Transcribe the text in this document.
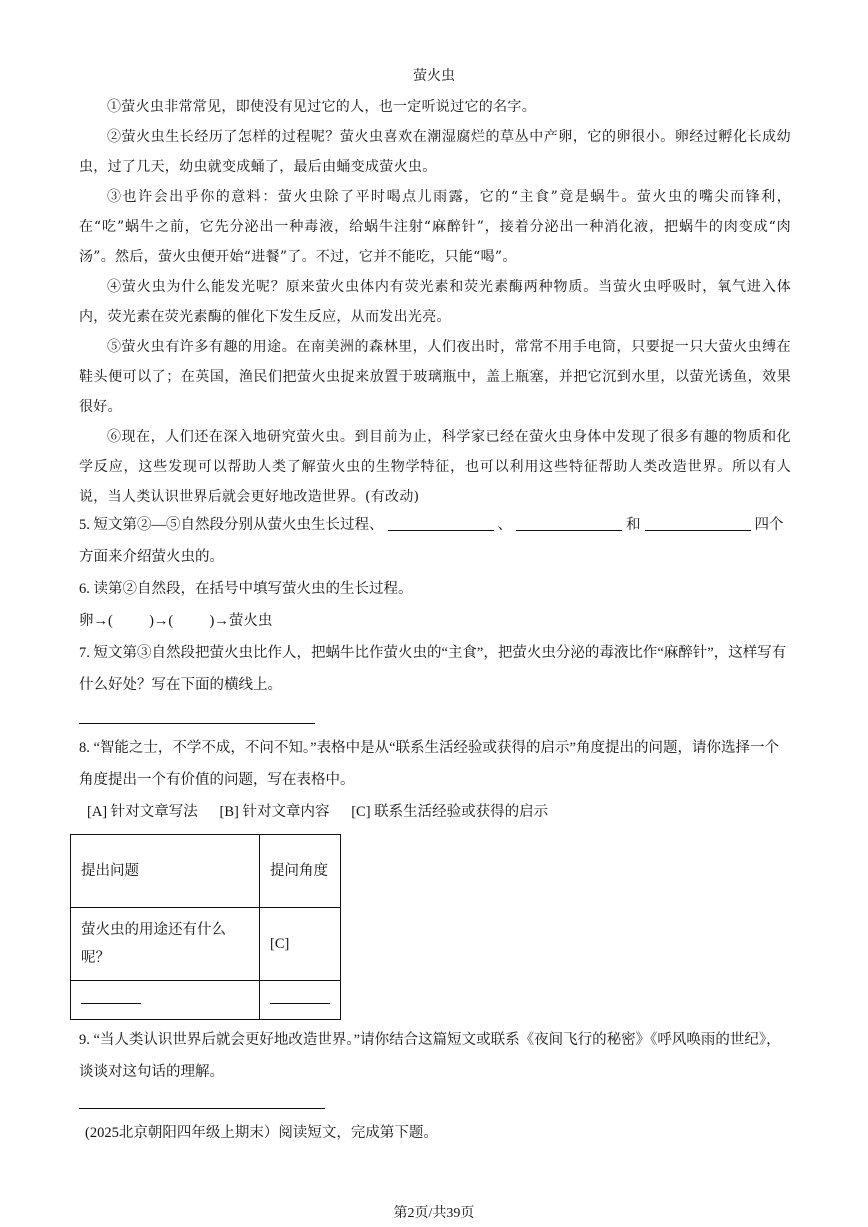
萤火虫

①萤火虫非常常见，即使没有见过它的人，也一定听说过它的名字。

②萤火虫生长经历了怎样的过程呢？萤火虫喜欢在潮湿腐烂的草丛中产卵，它的卵很小。卵经过孵化长成幼虫，过了几天，幼虫就变成蛹了，最后由蛹变成萤火虫。

③也许会出乎你的意料：萤火虫除了平时喝点儿雨露，它的“主食”竟是蜗牛。萤火虫的嘴尖而锋利，在“吃”蜗牛之前，它先分泌出一种毒液，给蜗牛注射“麻醉针”，接着分泌出一种消化液，把蜗牛的肉变成“肉汤”。然后，萤火虫便开始“进餐”了。不过，它并不能吃，只能“喝”。

④萤火虫为什么能发光呢？原来萤火虫体内有荧光素和荧光素酶两种物质。当萤火虫呼吸时，氧气进入体内，荧光素在荧光素酶的催化下发生反应，从而发出光亮。

⑤萤火虫有许多有趣的用途。在南美洲的森林里，人们夜出时，常常不用手电筒，只要捉一只大萤火虫缚在鞋头便可以了；在英国，渔民们把萤火虫捉来放置于玻璃瓶中，盖上瓶塞，并把它沉到水里，以萤光诱鱼，效果很好。

⑥现在，人们还在深入地研究萤火虫。到目前为止，科学家已经在萤火虫身体中发现了很多有趣的物质和化学反应，这些发现可以帮助人类了解萤火虫的生物学特征，也可以利用这些特征帮助人类改造世界。所以有人说，当人类认识世界后就会更好地改造世界。(有改动)

5. 短文第②—⑤自然段分别从萤火虫生长过程、	、	和	四个方面来介绍萤火虫的。

6. 读第②自然段，在括号中填写萤火虫的生长过程。

卵→(          )→(          )→萤火虫

7. 短文第③自然段把萤火虫比作人，把蜗牛比作萤火虫的“主食”，把萤火虫分泌的毒液比作“麻醉针”，这样写有什么好处？写在下面的横线上。

8. “智能之士，不学不成，不问不知。”表格中是从“联系生活经验或获得的启示”角度提出的问题，请你选择一个角度提出一个有价值的问题，写在表格中。

[A] 针对文章写法      [B] 针对文章内容      [C] 联系生活经验或获得的启示

提出问题	提问角度
萤火虫的用途还有什么呢？	[C]

9. “当人类认识世界后就会更好地改造世界。”请你结合这篇短文或联系《夜间飞行的秘密》《呼风唤雨的世纪》，谈谈对这句话的理解。

(2025北京朝阳四年级上期末）阅读短文，完成第下题。

第2页/共39页
